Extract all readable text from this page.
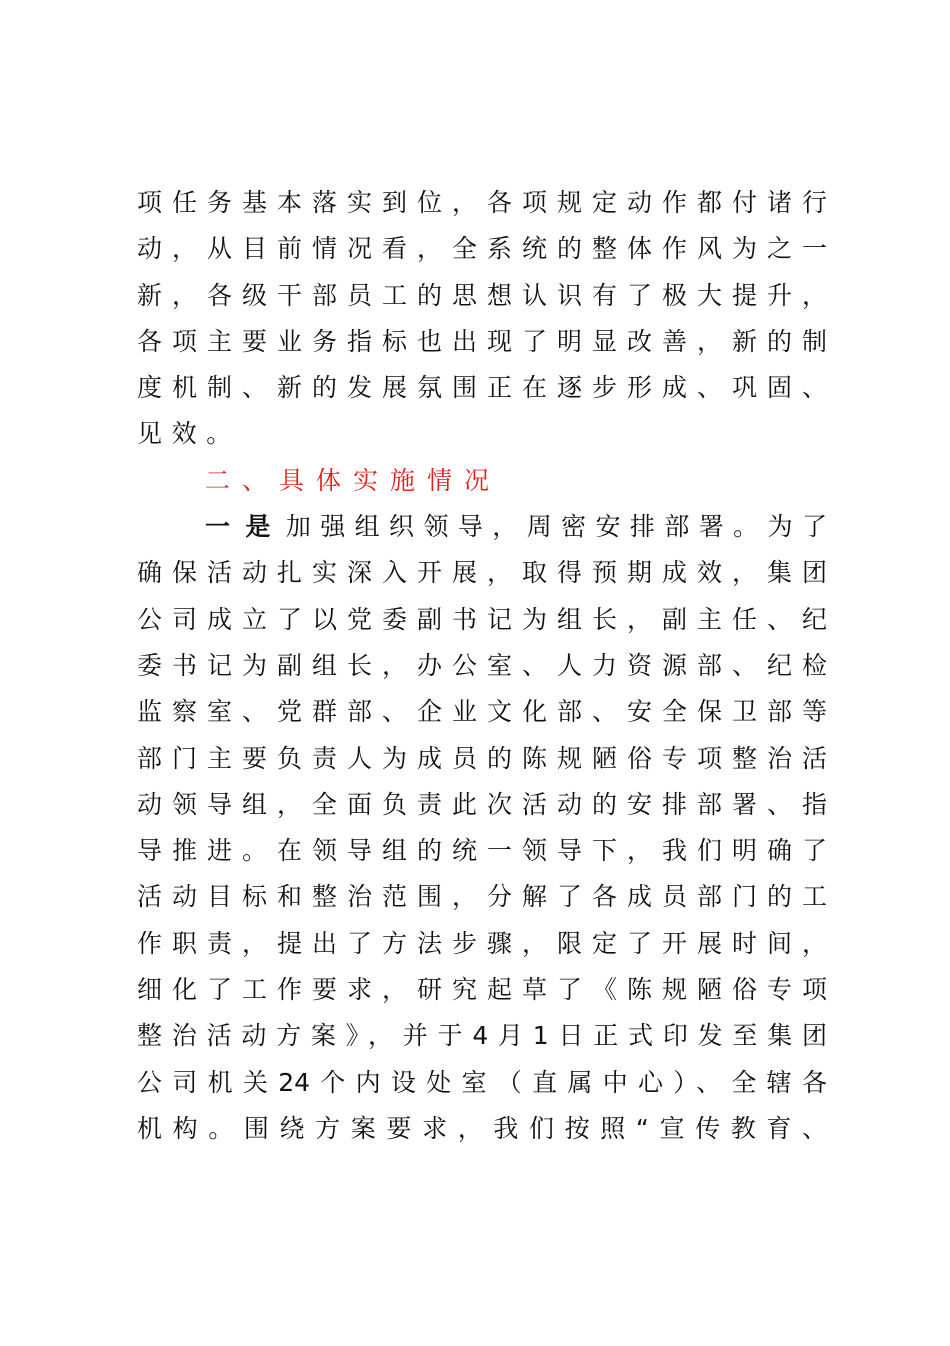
项任务基本落实到位，各项规定动作都付诸行
动，从目前情况看，全系统的整体作风为之一
新，各级干部员工的思想认识有了极大提升，
各项主要业务指标也出现了明显改善，新的制
度机制、新的发展氛围正在逐步形成、巩固、
见效。
二、具体实施情况
一是加强组织领导，周密安排部署。为了
确保活动扎实深入开展，取得预期成效，集团
公司成立了以党委副书记为组长，副主任、纪
委书记为副组长，办公室、人力资源部、纪检
监察室、党群部、企业文化部、安全保卫部等
部门主要负责人为成员的陈规陋俗专项整治活
动领导组，全面负责此次活动的安排部署、指
导推进。在领导组的统一领导下，我们明确了
活动目标和整治范围，分解了各成员部门的工
作职责，提出了方法步骤，限定了开展时间，
细化了工作要求，研究起草了《陈规陋俗专项
整治活动方案》，并于4月1日正式印发至集团
公司机关24个内设处室（直属中心）、全辖各
机构。围绕方案要求，我们按照“宣传教育、
